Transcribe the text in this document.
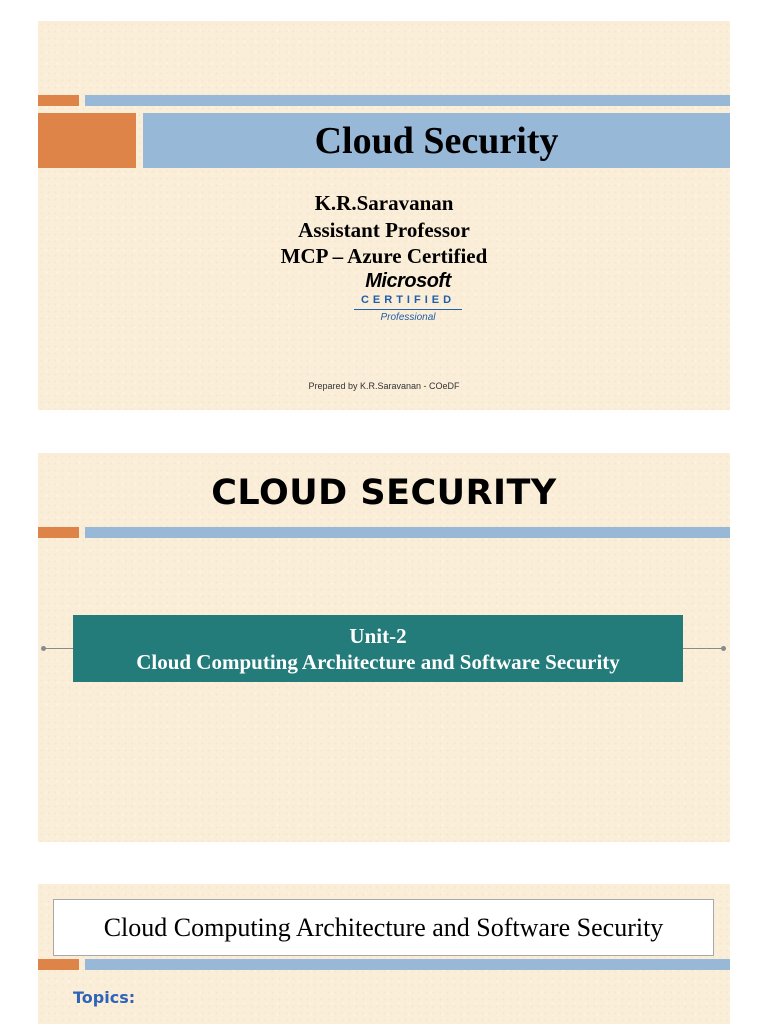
Cloud Security
K.R.Saravanan
Assistant Professor
MCP – Azure Certified
Microsoft
CERTIFIED
Professional
Prepared by K.R.Saravanan - COeDF
CLOUD SECURITY
Unit-2
Cloud Computing Architecture and Software Security
Cloud Computing Architecture and Software Security
Topics:
